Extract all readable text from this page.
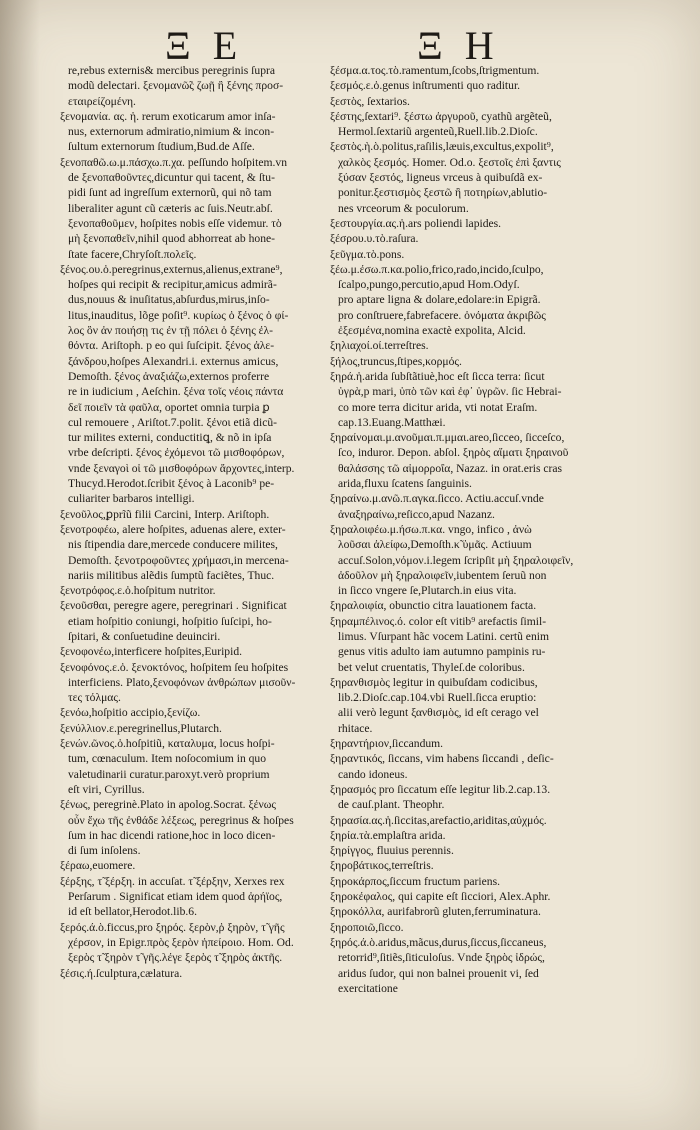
Ξ Ε	Ξ Η
re,rebus externis& mercibus peregrinis ſupra
modũ delectari. ξενομανῶ̃ς ζωῇ ἢ ξένης προσ-
εταιρείζομένη.
ξενομανία. ας. ἡ. rerum exoticarum amor inſa-
nus, externorum admiratio,nimium & incon-
ſultum externorum ſtudium,Bud.de Aſſe.
ξενοπαθῶ.ω.μ.πάσχω.π.χα. peſſundo hoſpitem.vn
de ξενοπαθοῦντες,dicuntur qui tacent, & ſtu-
pidi ſunt ad ingreſſum externorũ, qui nõ tam
liberaliter agunt cũ cæteris ac ſuis.Neutr.abſ.
ξενοπαθοῦμεν, hoſpites nobis eſſe videmur. τὸ
μὴ ξενοπαθεῖν,nihil quod abhorreat ab hone-
ſtate facere,Chryſoſt.πολεῖς.
ξένος.ου.ὁ.peregrinus,externus,alienus,extrane⁹,
hoſpes qui recipit & recipitur,amicus admirã-
dus,nouus & inuſitatus,abſurdus,mirus,inſo-
litus,inauditus, lõge poſit⁹. κυρίως ὁ ξένος ὁ φί-
λος ὃν ἀν ποιήσῃ τις ἐν τῇ πόλει ὁ ξένης ἐλ-
θόντα. Ariſtoph. p eo qui ſuſcipit. ξένος ἀλε-
ξάνδρου,hoſpes Alexandri.i. externus amicus,
Demoſth. ξένος ἀναξιάζω,externos proferre
re in iudicium , Aeſchin. ξένα τοῖς νέοις πάντα
δεῖ ποιεῖν τὰ φαῦλα, oportet omnia turpia ꝑ
cul remouere , Ariſtot.7.polit. ξένοι etiã dicũ-
tur milites externi, conductitiꝗ, & nõ in ipſa
vrbe deſcripti. ξένος ἐχόμενοι τῶ μισθοφόρων,
vnde ξεναγοὶ οἱ τῶ μισθοφόρων ἄρχοντες,interp.
Thucyd.Herodot.ſcribit ξένος à Laconib⁹ pe-
culiariter barbaros intelligi.
ξενοῦλος,ꝑprĩũ filii Carcini, Interp. Ariſtoph.
ξενοτροφέω, alere hoſpites, aduenas alere, exter-
nis ſtipendia dare,mercede conducere milites,
Demoſth. ξενοτροφοῦντες χρήμασι,in mercena-
nariis militibus alẽdis ſumptũ faciẽtes, Thuc.
ξενοτρόφος.ε.ὁ.hoſpitum nutritor.
ξενοῦσθαι, peregre agere, peregrinari . Significat
etiam hoſpitio coniungi, hoſpitio ſuſcipi, ho-
ſpitari, & conſuetudine deuinciri.
ξενοφονέω,interficere hoſpites,Euripid.
ξενοφόνος.ε.ὁ. ξενοκτόνος, hoſpitem ſeu hoſpites
interficiens. Plato,ξενοφόνων ἀνθρώπων μισοῦν-
τες τόλμας.
ξενόω,hoſpitio accipio,ξενίζω.
ξενύλλιον.ε.peregrinellus,Plutarch.
ξενών.ῶνος.ὁ.hoſpitiũ, καταλυμα, locus hoſpi-
tum, cœnaculum. Item noſocomium in quo
valetudinarii curatur.paroxyt.verò proprium
eſt viri, Cyrillus.
ξένως, peregrinè.Plato in apolog.Socrat. ξένως
οὖν ἔχω τῆς ἐνθάδε λέξεως, peregrinus & hoſpes
ſum in hac dicendi ratione,hoc in loco dicen-
di ſum inſolens.
ξέραω,euomere.
ξέρξης, τ̃ ξέρξη. in accuſat. τ̃ ξέρξην, Xerxes rex
Perſarum . Significat etiam idem quod ἀρήϊος,
id eſt bellator,Herodot.lib.6.
ξερός.ά.ὸ.ficcus,pro ξηρός. ξερὸν,ῥ ξηρὸν, τ̃ γῆς
χέρσον, in Epigr.πρὸς ξερὸν ἠπείροιο. Hom. Od.
ξερὸς τ̃ ξηρὸν τ̃ γῆς.λέγε ξερὸς τ̃ ξηρὸς ἀκτῆς.
ξέσις.ή.ſculptura,cælatura.
ξέσμα.α.τος.τὸ.ramentum,ſcobs,ſtrigmentum.
ξεσμός.ε.ὁ.genus inſtrumenti quo raditur.
ξεστὸς, ſextarios.
ξέστης,ſextari⁹. ξέστω ἀργυροῦ, cyathũ argẽteũ,
Hermol.ſextariũ argenteũ,Ruell.lib.2.Dioſc.
ξεστὸς.ὴ.ὸ.politus,raſilis,læuis,excultus,expolit⁹,
χαλκὸς ξεσμός. Homer. Od.o. ξεστοῖς ἐπὶ ξαντις
ξύσαν ξεστός, ligneus vrceus à quibuſdã ex-
ponitur.ξεστισμὸς ξεστῶ ἢ ποτηρίων,ablutio-
nes vrceorum & poculorum.
ξεστουργία.ας.ἡ.ars poliendi lapides.
ξέσρου.υ.τὸ.raſura.
ξεῦγμα.τὸ.pons.
ξέω.μ.έσω.π.κα.polio,frico,rado,incido,ſculpo,
ſcalpo,pungo,percutio,apud Hom.Odyſ.
pro aptare ligna & dolare,edolare:in Epigrã.
pro conſtruere,fabrefacere. ὀνόματα ἀκριβῶς
ἐξεσμένα,nomina exactè expolita, Alcid.
ξηλιαχοί.οί.terreſtres.
ξήλος,truncus,ſtipes,κορμός.
ξηρά.ἡ.arida ſubſtãtiuè,hoc eſt ſicca terra: ſicut
ὑγρὰ,p mari, ὑπὸ τῶν καὶ ἐφ᾽ ὑγρῶν. ſic Hebrai-
co more terra dicitur arida, vti notat Eraſm.
cap.13.Euang.Matthæi.
ξηραίνομαι.μ.ανοῦμαι.π.μμαι.areo,ſicceo, ſicceſco,
ſco, induror. Depon. abſol. ξηρὸς αἵματι ξηραινοῦ
θαλάσσης τῶ αἱμορροΐα, Nazaz. in orat.eris cras
arida,fluxu ſcatens ſanguinis.
ξηραίνω.μ.ανῶ.π.αγκα.ſicco. Actiu.accuſ.vnde
ἀναξηραίνω,reſicco,apud Nazanz.
ξηραλοιφέω.μ.ήσω.π.κα. vngo, infico , ἀνὼ
λοῦσαι ἀλείφω,Demoſth.κ̃ ὑμᾶς. Actiuum
accuſ.Solon,νόμον.i.legem ſcripſit μὴ ξηραλοιφεῖν,
ἀδοῦλον μὴ ξηραλοιφεῖν,iubentem ſeruũ non
in ſicco vngere ſe,Plutarch.in eius vita.
ξηραλοιφία, obunctio citra lauationem facta.
ξηραμπέλινος.ό. color eſt vitib⁹ arefactis ſimil-
limus. Vſurpant hãc vocem Latini. certũ enim
genus vitis adulto iam autumno pampinis ru-
bet velut cruentatis, Thyleſ.de coloribus.
ξηρανθισμὸς legitur in quibuſdam codicibus,
lib.2.Dioſc.cap.104.vbi Ruell.ſicca eruptio:
alii verò legunt ξανθισμὸς, id eſt cerago vel
rhitace.
ξηραντήριον,ſiccandum.
ξηραντικός, ſiccans, vim habens ſiccandi , deſic-
cando idoneus.
ξηρασμός pro ſiccatum eſſe legitur lib.2.cap.13.
de cauſ.plant. Theophr.
ξηρασία.ας.ἡ.ſiccitas,arefactio,ariditas,αὐχμός.
ξηρία.τὰ.emplaſtra arida.
ξηρίγγος, fluuius perennis.
ξηροβάτικος,terreſtris.
ξηροκάρπος,ſiccum fructum pariens.
ξηροκέφαλος, qui capite eſt ſicciori, Alex.Aphr.
ξηροκόλλα, aurifabrorũ gluten,ferruminatura.
ξηροποιῶ,ſicco.
ξηρός.ά.ὸ.aridus,mãcus,durus,ſiccus,ſiccaneus,
retorrid⁹,ſitiẽs,ſiticuloſus. Vnde ξηρὸς ἱδρώς,
aridus ſudor, qui non balnei prouenit vi, ſed
exercitatione
